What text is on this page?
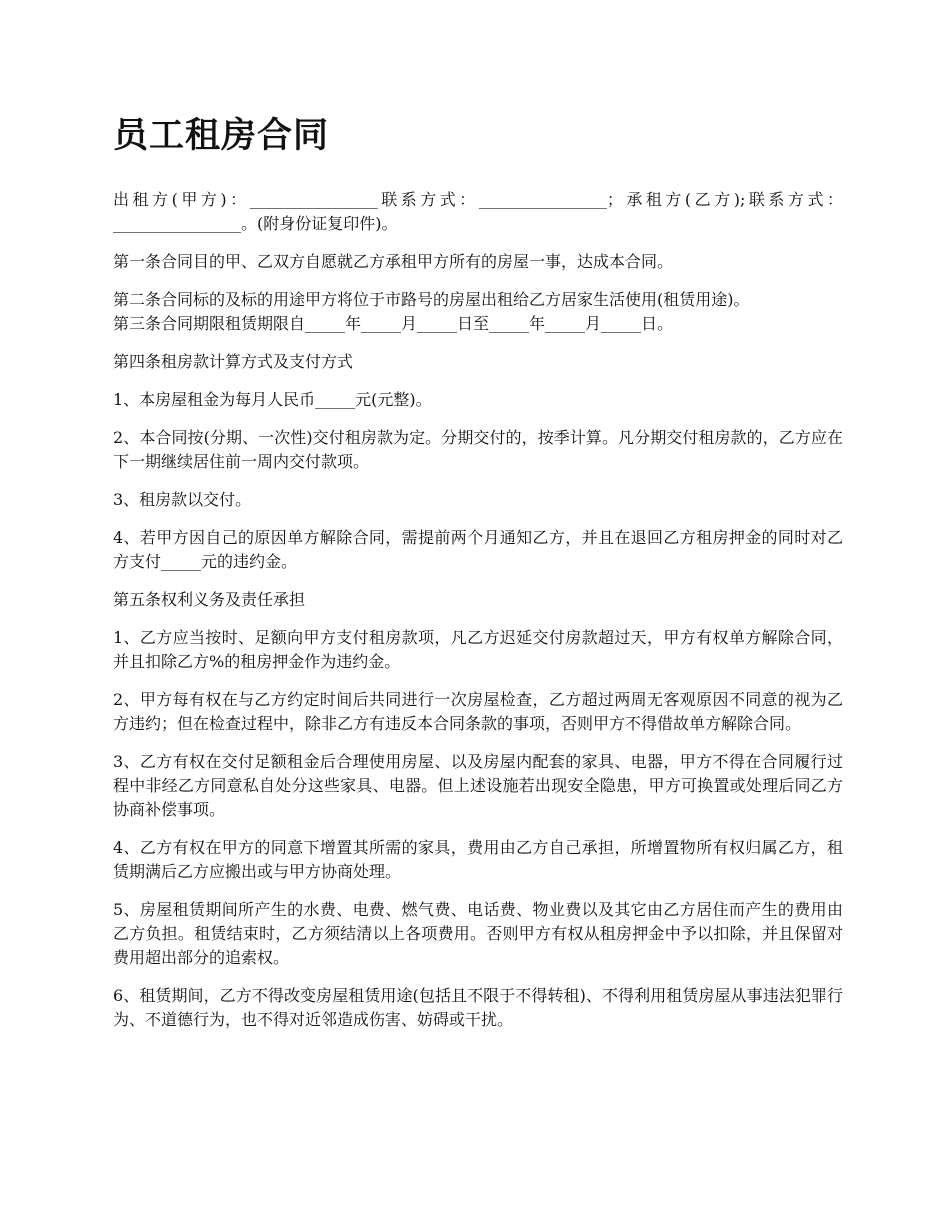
员工租房合同

出租方(甲方)：________________联系方式：________________；承租方(乙方);联系方式：________________。(附身份证复印件)。

第一条合同目的甲、乙双方自愿就乙方承租甲方所有的房屋一事，达成本合同。

第二条合同标的及标的用途甲方将位于市路号的房屋出租给乙方居家生活使用(租赁用途)。

第三条合同期限租赁期限自_____年_____月_____日至_____年_____月_____日。

第四条租房款计算方式及支付方式

1、本房屋租金为每月人民币_____元(元整)。

2、本合同按(分期、一次性)交付租房款为定。分期交付的，按季计算。凡分期交付租房款的，乙方应在下一期继续居住前一周内交付款项。

3、租房款以交付。

4、若甲方因自己的原因单方解除合同，需提前两个月通知乙方，并且在退回乙方租房押金的同时对乙方支付_____元的违约金。

第五条权利义务及责任承担

1、乙方应当按时、足额向甲方支付租房款项，凡乙方迟延交付房款超过天，甲方有权单方解除合同，并且扣除乙方%的租房押金作为违约金。

2、甲方每有权在与乙方约定时间后共同进行一次房屋检查，乙方超过两周无客观原因不同意的视为乙方违约；但在检查过程中，除非乙方有违反本合同条款的事项，否则甲方不得借故单方解除合同。

3、乙方有权在交付足额租金后合理使用房屋、以及房屋内配套的家具、电器，甲方不得在合同履行过程中非经乙方同意私自处分这些家具、电器。但上述设施若出现安全隐患，甲方可换置或处理后同乙方协商补偿事项。

4、乙方有权在甲方的同意下增置其所需的家具，费用由乙方自己承担，所增置物所有权归属乙方，租赁期满后乙方应搬出或与甲方协商处理。

5、房屋租赁期间所产生的水费、电费、燃气费、电话费、物业费以及其它由乙方居住而产生的费用由乙方负担。租赁结束时，乙方须结清以上各项费用。否则甲方有权从租房押金中予以扣除，并且保留对费用超出部分的追索权。

6、租赁期间，乙方不得改变房屋租赁用途(包括且不限于不得转租)、不得利用租赁房屋从事违法犯罪行为、不道德行为，也不得对近邻造成伤害、妨碍或干扰。
